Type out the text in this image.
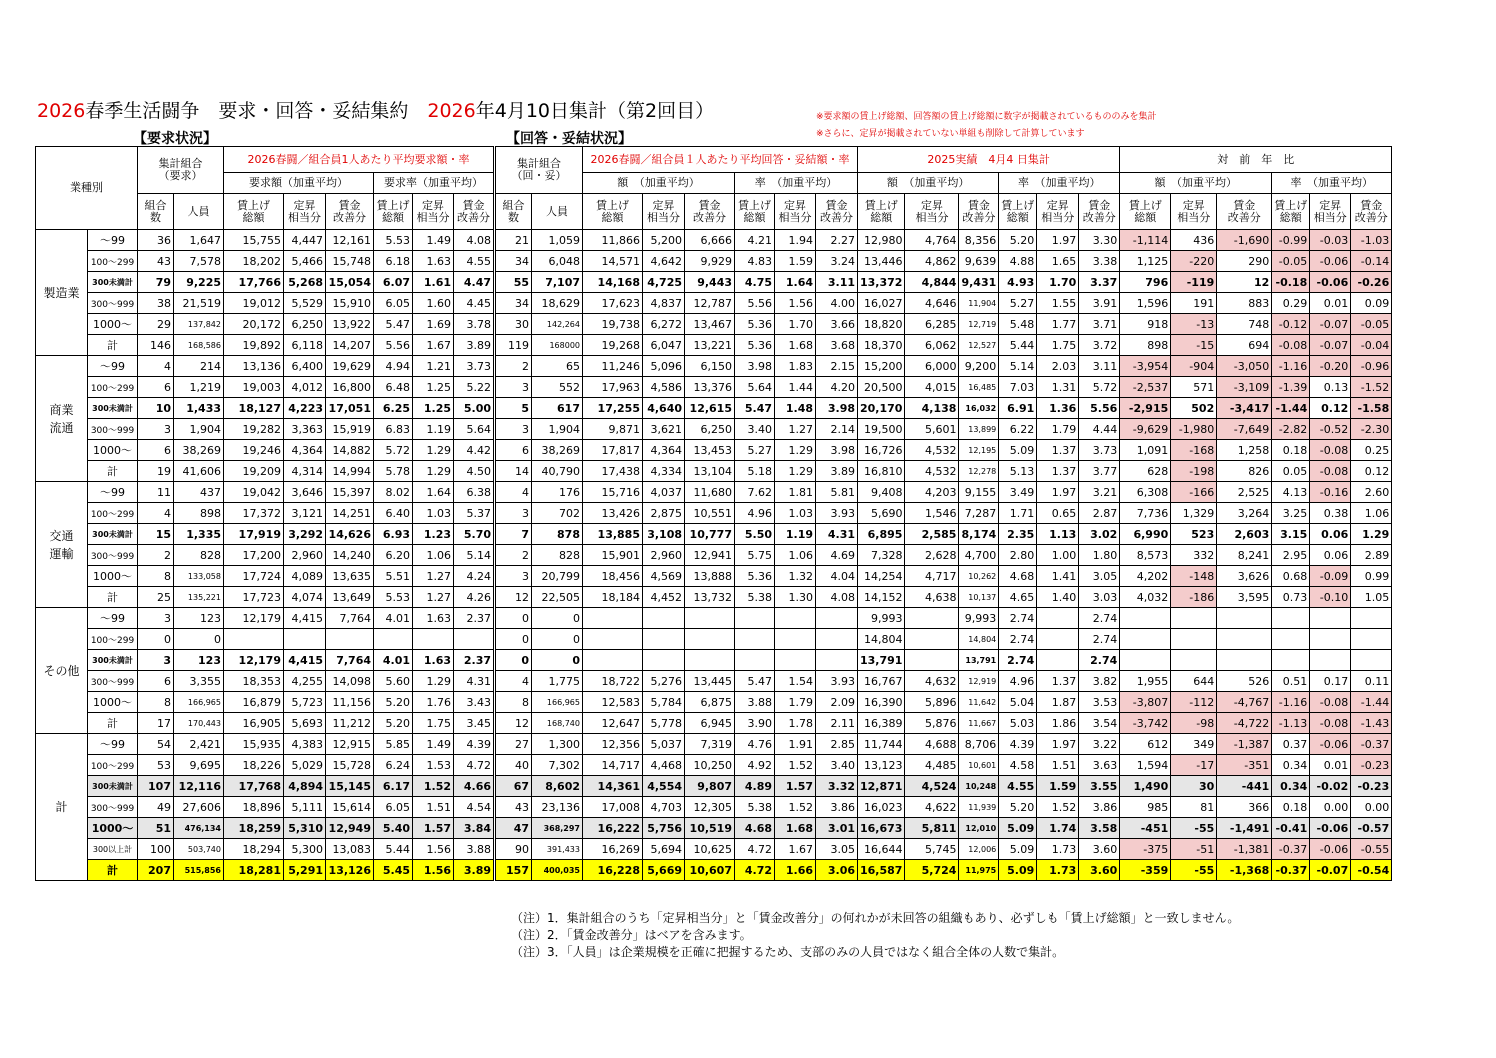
2026春季生活闘争　要求・回答・妥結集約　2026年4月10日集計（第2回目）	※要求額の賃上げ総額、回答額の賃上げ総額に数字が掲載されているもののみを集計
※さらに、定昇が掲載されていない単組も削除して計算しています
【要求状況】	【回答・妥結状況】
業種別		集計組合
（要求）		2026春闘／組合員1人あたり平均要求額・率						集計組合
（回・妥）		2026春闘／組合員１人あたり平均回答・妥結額・率						2025実績　4月4 日集計						対　前　年　比					
				要求額（加重平均）			要求率（加重平均）					額　（加重平均）			率　（加重平均）			額　（加重平均）			率　（加重平均）			額　（加重平均）			率　（加重平均）		
		組合数	人員	賃上げ
総額	定昇
相当分	賃金
改善分	賃上げ
総額	定昇
相当分	賃金
改善分	組合数	人員	賃上げ
総額	定昇
相当分	賃金
改善分	賃上げ
総額	定昇
相当分	賃金
改善分	賃上げ
総額	定昇
相当分	賃金
改善分	賃上げ
総額	定昇
相当分	賃金
改善分	賃上げ
総額	定昇
相当分	賃金
改善分	賃上げ
総額	定昇
相当分	賃金
改善分
製造業	～99	36	1,647	15,755	4,447	12,161	5.53	1.49	4.08	21	1,059	11,866	5,200	6,666	4.21	1.94	2.27	12,980	4,764	8,356	5.20	1.97	3.30	-1,114	436	-1,690	-0.99	-0.03	-1.03
	100～299	43	7,578	18,202	5,466	15,748	6.18	1.63	4.55	34	6,048	14,571	4,642	9,929	4.83	1.59	3.24	13,446	4,862	9,639	4.88	1.65	3.38	1,125	-220	290	-0.05	-0.06	-0.14
	300未満計	79	9,225	17,766	5,268	15,054	6.07	1.61	4.47	55	7,107	14,168	4,725	9,443	4.75	1.64	3.11	13,372	4,844	9,431	4.93	1.70	3.37	796	-119	12	-0.18	-0.06	-0.26
	300～999	38	21,519	19,012	5,529	15,910	6.05	1.60	4.45	34	18,629	17,623	4,837	12,787	5.56	1.56	4.00	16,027	4,646	11,904	5.27	1.55	3.91	1,596	191	883	0.29	0.01	0.09
	1000～	29	137,842	20,172	6,250	13,922	5.47	1.69	3.78	30	142,264	19,738	6,272	13,467	5.36	1.70	3.66	18,820	6,285	12,719	5.48	1.77	3.71	918	-13	748	-0.12	-0.07	-0.05
	計	146	168,586	19,892	6,118	14,207	5.56	1.67	3.89	119	168000	19,268	6,047	13,221	5.36	1.68	3.68	18,370	6,062	12,527	5.44	1.75	3.72	898	-15	694	-0.08	-0.07	-0.04
商業
流通	～99	4	214	13,136	6,400	19,629	4.94	1.21	3.73	2	65	11,246	5,096	6,150	3.98	1.83	2.15	15,200	6,000	9,200	5.14	2.03	3.11	-3,954	-904	-3,050	-1.16	-0.20	-0.96
	100～299	6	1,219	19,003	4,012	16,800	6.48	1.25	5.22	3	552	17,963	4,586	13,376	5.64	1.44	4.20	20,500	4,015	16,485	7.03	1.31	5.72	-2,537	571	-3,109	-1.39	0.13	-1.52
	300未満計	10	1,433	18,127	4,223	17,051	6.25	1.25	5.00	5	617	17,255	4,640	12,615	5.47	1.48	3.98	20,170	4,138	16,032	6.91	1.36	5.56	-2,915	502	-3,417	-1.44	0.12	-1.58
	300～999	3	1,904	19,282	3,363	15,919	6.83	1.19	5.64	3	1,904	9,871	3,621	6,250	3.40	1.27	2.14	19,500	5,601	13,899	6.22	1.79	4.44	-9,629	-1,980	-7,649	-2.82	-0.52	-2.30
	1000～	6	38,269	19,246	4,364	14,882	5.72	1.29	4.42	6	38,269	17,817	4,364	13,453	5.27	1.29	3.98	16,726	4,532	12,195	5.09	1.37	3.73	1,091	-168	1,258	0.18	-0.08	0.25
	計	19	41,606	19,209	4,314	14,994	5.78	1.29	4.50	14	40,790	17,438	4,334	13,104	5.18	1.29	3.89	16,810	4,532	12,278	5.13	1.37	3.77	628	-198	826	0.05	-0.08	0.12
交通
運輸	～99	11	437	19,042	3,646	15,397	8.02	1.64	6.38	4	176	15,716	4,037	11,680	7.62	1.81	5.81	9,408	4,203	9,155	3.49	1.97	3.21	6,308	-166	2,525	4.13	-0.16	2.60
	100～299	4	898	17,372	3,121	14,251	6.40	1.03	5.37	3	702	13,426	2,875	10,551	4.96	1.03	3.93	5,690	1,546	7,287	1.71	0.65	2.87	7,736	1,329	3,264	3.25	0.38	1.06
	300未満計	15	1,335	17,919	3,292	14,626	6.93	1.23	5.70	7	878	13,885	3,108	10,777	5.50	1.19	4.31	6,895	2,585	8,174	2.35	1.13	3.02	6,990	523	2,603	3.15	0.06	1.29
	300～999	2	828	17,200	2,960	14,240	6.20	1.06	5.14	2	828	15,901	2,960	12,941	5.75	1.06	4.69	7,328	2,628	4,700	2.80	1.00	1.80	8,573	332	8,241	2.95	0.06	2.89
	1000～	8	133,058	17,724	4,089	13,635	5.51	1.27	4.24	3	20,799	18,456	4,569	13,888	5.36	1.32	4.04	14,254	4,717	10,262	4.68	1.41	3.05	4,202	-148	3,626	0.68	-0.09	0.99
	計	25	135,221	17,723	4,074	13,649	5.53	1.27	4.26	12	22,505	18,184	4,452	13,732	5.38	1.30	4.08	14,152	4,638	10,137	4.65	1.40	3.03	4,032	-186	3,595	0.73	-0.10	1.05
その他	～99	3	123	12,179	4,415	7,764	4.01	1.63	2.37	0	0							9,993		9,993	2.74		2.74						
	100～299	0	0							0	0							14,804		14,804	2.74		2.74						
	300未満計	3	123	12,179	4,415	7,764	4.01	1.63	2.37	0	0							13,791		13,791	2.74		2.74						
	300～999	6	3,355	18,353	4,255	14,098	5.60	1.29	4.31	4	1,775	18,722	5,276	13,445	5.47	1.54	3.93	16,767	4,632	12,919	4.96	1.37	3.82	1,955	644	526	0.51	0.17	0.11
	1000～	8	166,965	16,879	5,723	11,156	5.20	1.76	3.43	8	166,965	12,583	5,784	6,875	3.88	1.79	2.09	16,390	5,896	11,642	5.04	1.87	3.53	-3,807	-112	-4,767	-1.16	-0.08	-1.44
	計	17	170,443	16,905	5,693	11,212	5.20	1.75	3.45	12	168,740	12,647	5,778	6,945	3.90	1.78	2.11	16,389	5,876	11,667	5.03	1.86	3.54	-3,742	-98	-4,722	-1.13	-0.08	-1.43
計	～99	54	2,421	15,935	4,383	12,915	5.85	1.49	4.39	27	1,300	12,356	5,037	7,319	4.76	1.91	2.85	11,744	4,688	8,706	4.39	1.97	3.22	612	349	-1,387	0.37	-0.06	-0.37
	100～299	53	9,695	18,226	5,029	15,728	6.24	1.53	4.72	40	7,302	14,717	4,468	10,250	4.92	1.52	3.40	13,123	4,485	10,601	4.58	1.51	3.63	1,594	-17	-351	0.34	0.01	-0.23
	300未満計	107	12,116	17,768	4,894	15,145	6.17	1.52	4.66	67	8,602	14,361	4,554	9,807	4.89	1.57	3.32	12,871	4,524	10,248	4.55	1.59	3.55	1,490	30	-441	0.34	-0.02	-0.23
	300～999	49	27,606	18,896	5,111	15,614	6.05	1.51	4.54	43	23,136	17,008	4,703	12,305	5.38	1.52	3.86	16,023	4,622	11,939	5.20	1.52	3.86	985	81	366	0.18	0.00	0.00
	1000～	51	476,134	18,259	5,310	12,949	5.40	1.57	3.84	47	368,297	16,222	5,756	10,519	4.68	1.68	3.01	16,673	5,811	12,010	5.09	1.74	3.58	-451	-55	-1,491	-0.41	-0.06	-0.57
	300以上計	100	503,740	18,294	5,300	13,083	5.44	1.56	3.88	90	391,433	16,269	5,694	10,625	4.72	1.67	3.05	16,644	5,745	12,006	5.09	1.73	3.60	-375	-51	-1,381	-0.37	-0.06	-0.55
	計	207	515,856	18,281	5,291	13,126	5.45	1.56	3.89	157	400,035	16,228	5,669	10,607	4.72	1.66	3.06	16,587	5,724	11,975	5.09	1.73	3.60	-359	-55	-1,368	-0.37	-0.07	-0.54
（注）1．集計組合のうち「定昇相当分」と「賃金改善分」の何れかが未回答の組織もあり、必ずしも「賃上げ総額」と一致しません。
（注）2．「賃金改善分」はベアを含みます。
（注）3．「人員」は企業規模を正確に把握するため、支部のみの人員ではなく組合全体の人数で集計。
